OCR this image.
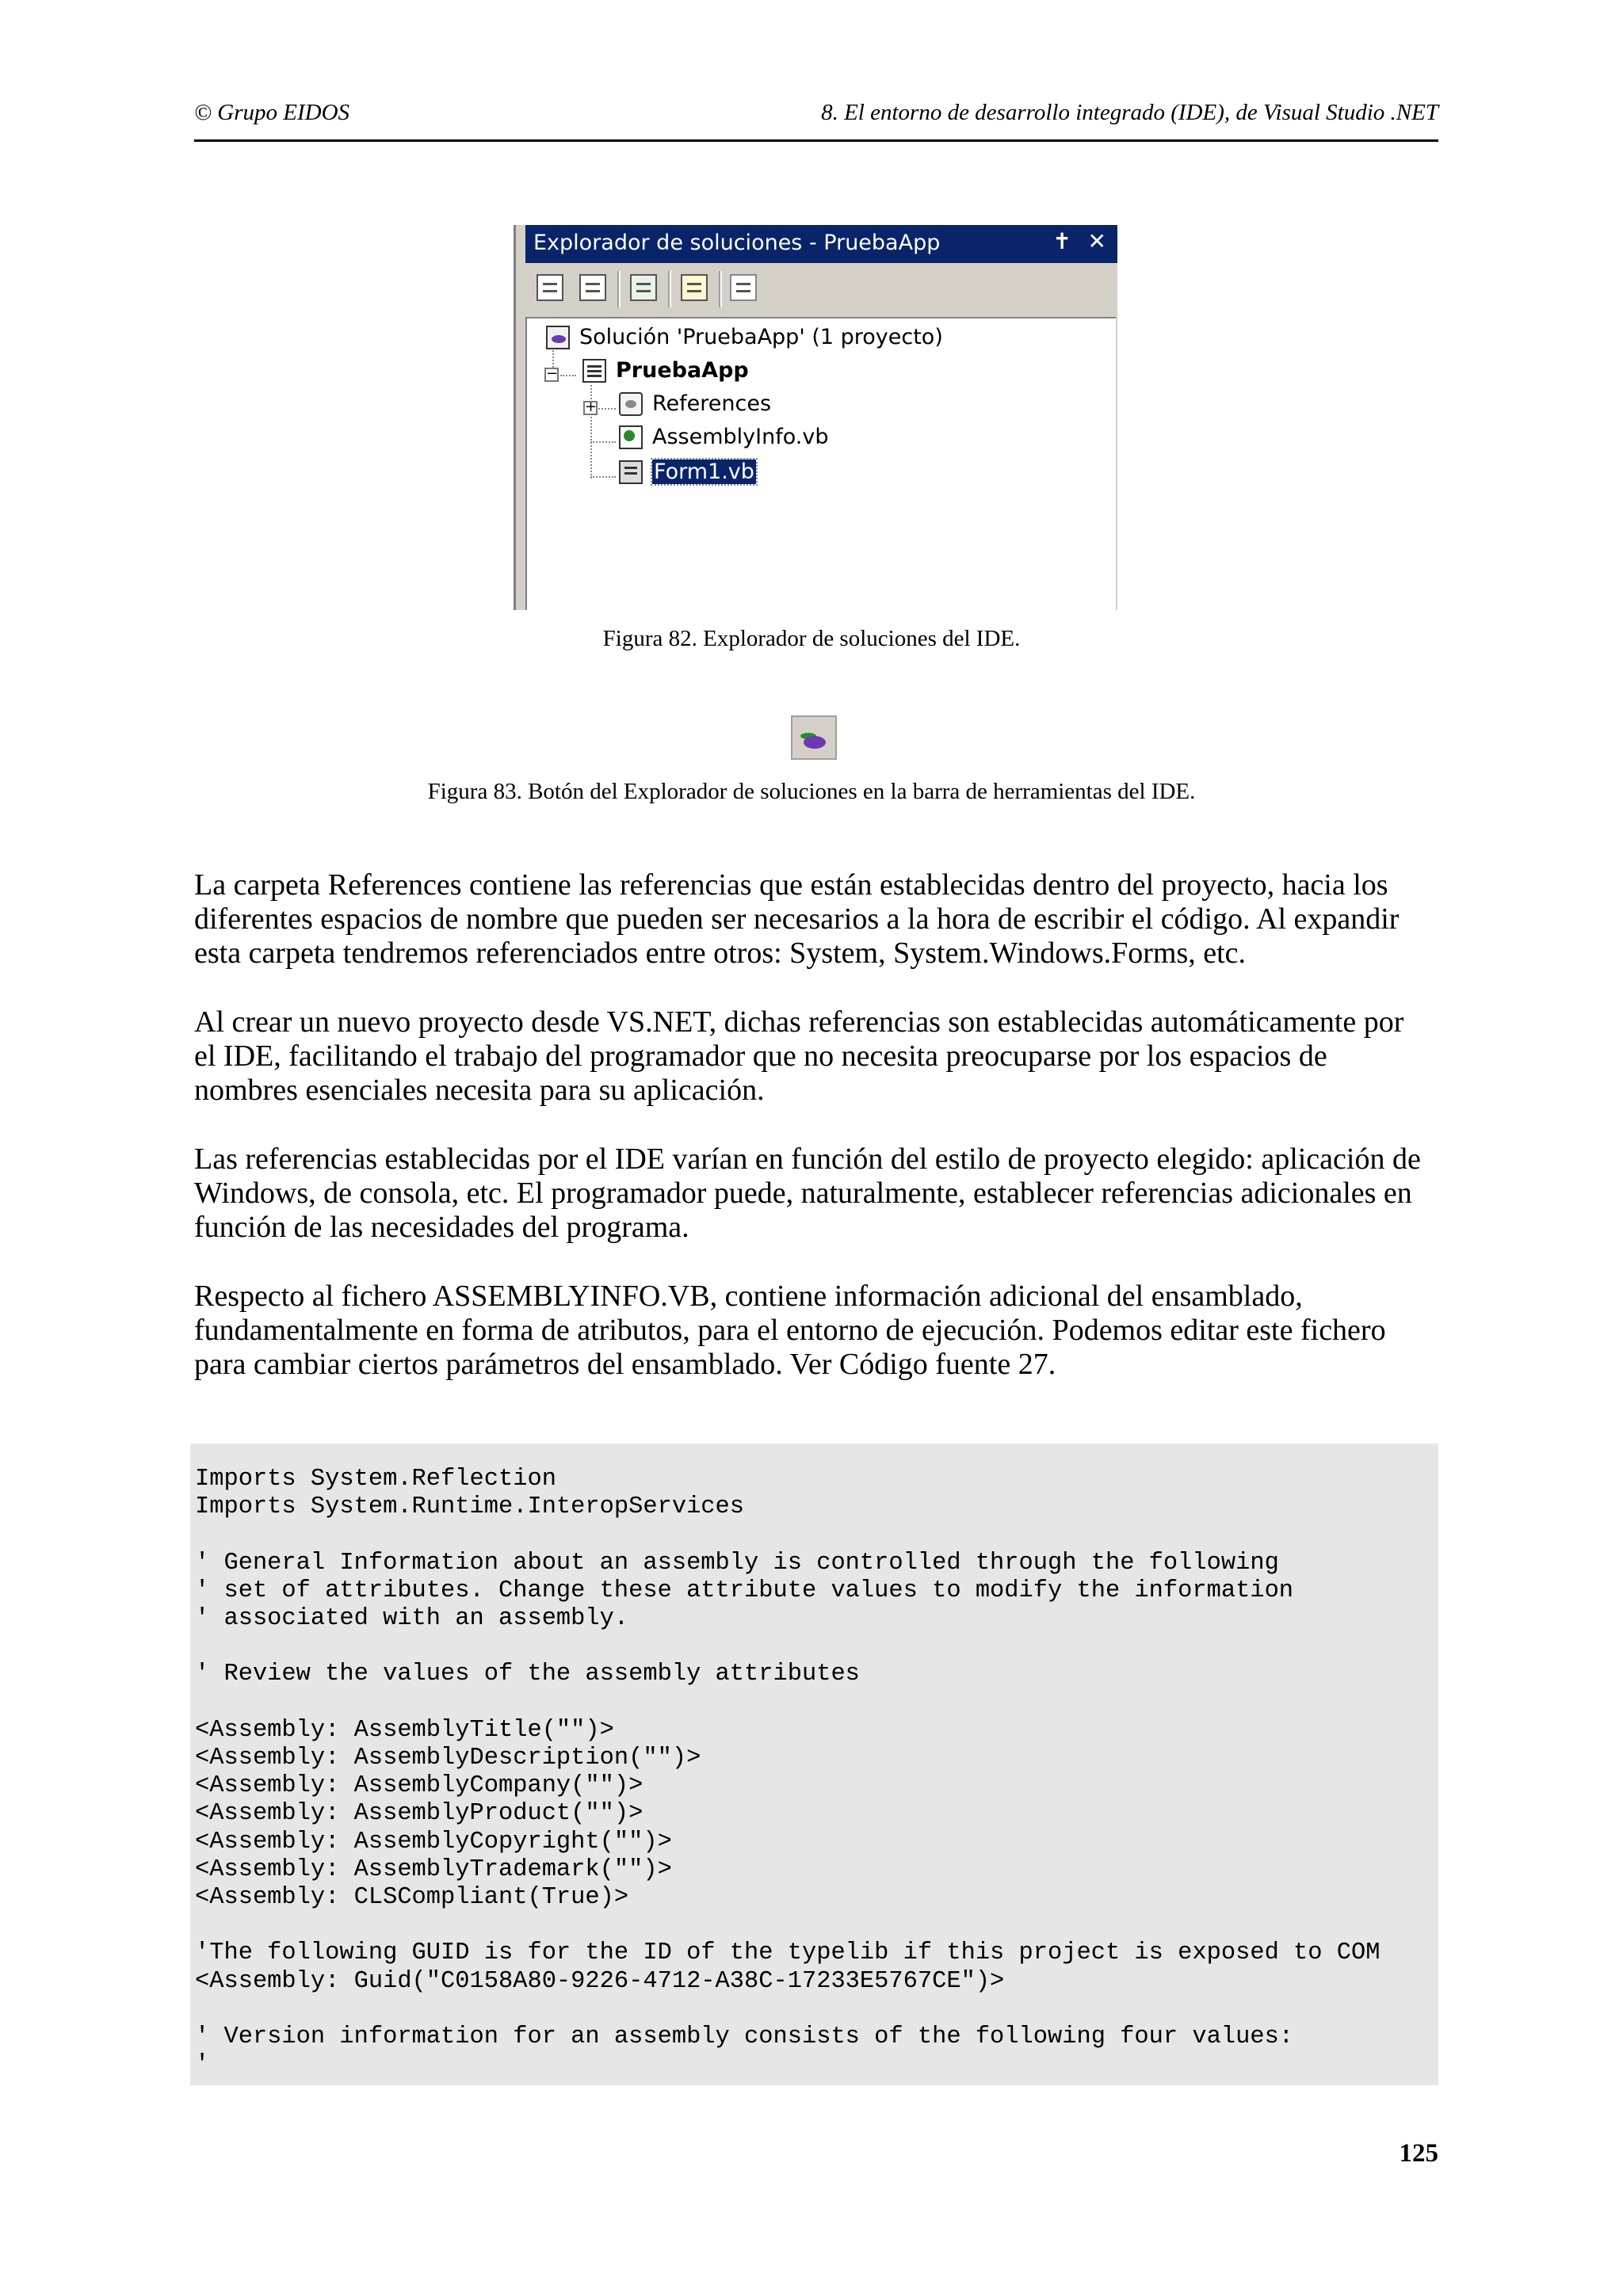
© Grupo EIDOS	8. El entorno de desarrollo integrado (IDE), de Visual Studio .NET
Explorador de soluciones - PruebaApp	✝ ✕
Solución 'PruebaApp' (1 proyecto)
−	PruebaApp
+	References
AssemblyInfo.vb
Form1.vb
Figura 82. Explorador de soluciones del IDE.
Figura 83. Botón del Explorador de soluciones en la barra de herramientas del IDE.
La carpeta References contiene las referencias que están establecidas dentro del proyecto, hacia los
diferentes espacios de nombre que pueden ser necesarios a la hora de escribir el código. Al expandir
esta carpeta tendremos referenciados entre otros: System, System.Windows.Forms, etc.
Al crear un nuevo proyecto desde VS.NET, dichas referencias son establecidas automáticamente por
el IDE, facilitando el trabajo del programador que no necesita preocuparse por los espacios de
nombres esenciales necesita para su aplicación.
Las referencias establecidas por el IDE varían en función del estilo de proyecto elegido: aplicación de
Windows, de consola, etc. El programador puede, naturalmente, establecer referencias adicionales en
función de las necesidades del programa.
Respecto al fichero ASSEMBLYINFO.VB, contiene información adicional del ensamblado,
fundamentalmente en forma de atributos, para el entorno de ejecución. Podemos editar este fichero
para cambiar ciertos parámetros del ensamblado. Ver Código fuente 27.
Imports System.Reflection
Imports System.Runtime.InteropServices

' General Information about an assembly is controlled through the following
' set of attributes. Change these attribute values to modify the information
' associated with an assembly.

' Review the values of the assembly attributes

<Assembly: AssemblyTitle("")>
<Assembly: AssemblyDescription("")>
<Assembly: AssemblyCompany("")>
<Assembly: AssemblyProduct("")>
<Assembly: AssemblyCopyright("")>
<Assembly: AssemblyTrademark("")>
<Assembly: CLSCompliant(True)>

'The following GUID is for the ID of the typelib if this project is exposed to COM
<Assembly: Guid("C0158A80-9226-4712-A38C-17233E5767CE")>

' Version information for an assembly consists of the following four values:
'
125
